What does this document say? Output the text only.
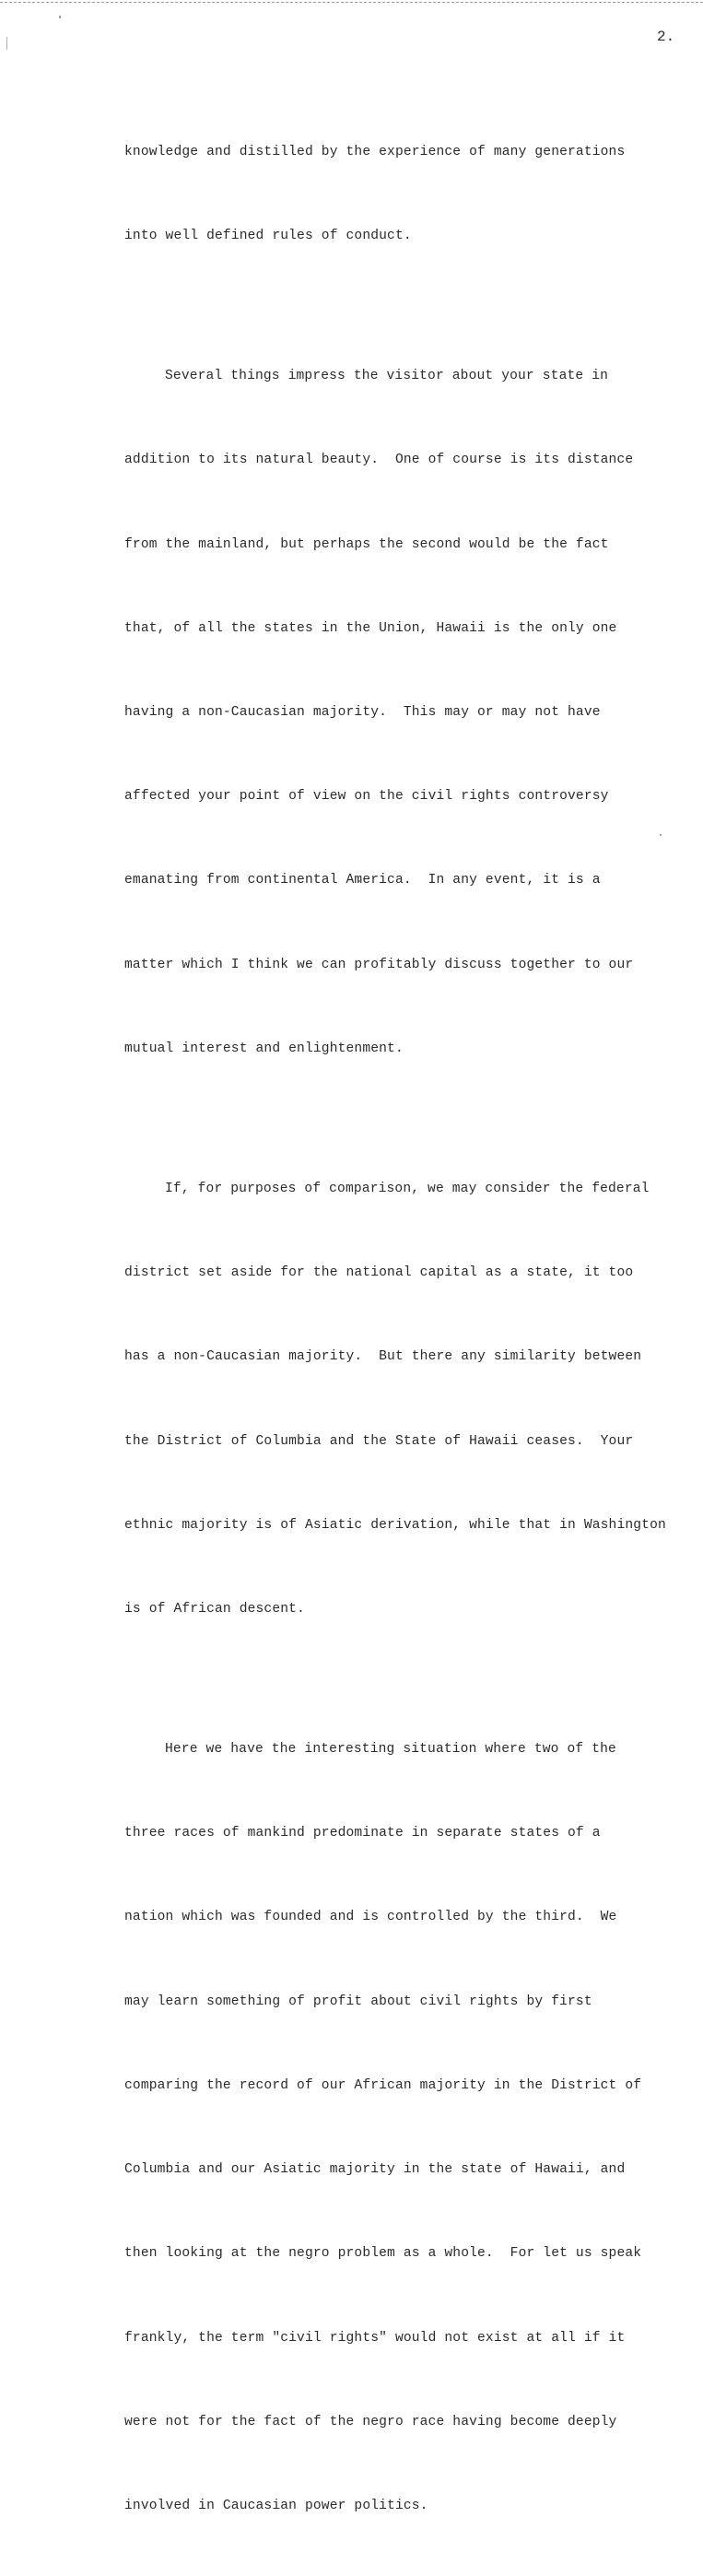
2.

knowledge and distilled by the experience of many generations

into well defined rules of conduct.

Several things impress the visitor about your state in

addition to its natural beauty.  One of course is its distance

from the mainland, but perhaps the second would be the fact

that, of all the states in the Union, Hawaii is the only one

having a non-Caucasian majority.  This may or may not have

affected your point of view on the civil rights controversy

emanating from continental America.  In any event, it is a

matter which I think we can profitably discuss together to our

mutual interest and enlightenment.

If, for purposes of comparison, we may consider the federal

district set aside for the national capital as a state, it too

has a non-Caucasian majority.  But there any similarity between

the District of Columbia and the State of Hawaii ceases.  Your

ethnic majority is of Asiatic derivation, while that in Washington

is of African descent.

Here we have the interesting situation where two of the

three races of mankind predominate in separate states of a

nation which was founded and is controlled by the third.  We

may learn something of profit about civil rights by first

comparing the record of our African majority in the District of

Columbia and our Asiatic majority in the state of Hawaii, and

then looking at the negro problem as a whole.  For let us speak

frankly, the term "civil rights" would not exist at all if it

were not for the fact of the negro race having become deeply

involved in Caucasian power politics.
